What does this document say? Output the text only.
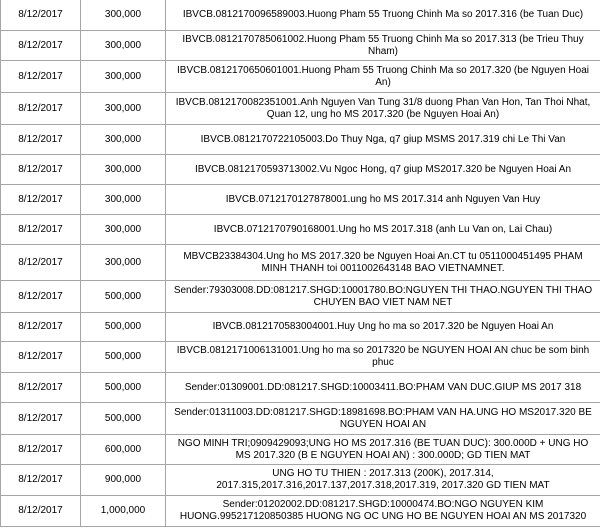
8/12/2017	300,000	IBVCB.0812170096589003.Huong Pham 55 Truong Chinh Ma so 2017.316 (be Tuan Duc)
8/12/2017	300,000	IBVCB.0812170785061002.Huong Pham 55 Truong Chinh Ma so 2017.313 (be Trieu Thuy Nham)
8/12/2017	300,000	IBVCB.0812170650601001.Huong Pham 55 Truong Chinh Ma so 2017.320 (be Nguyen Hoai An)
8/12/2017	300,000	IBVCB.0812170082351001.Anh Nguyen Van Tung 31/8 duong Phan Van Hon, Tan Thoi Nhat, Quan 12, ung ho MS 2017.320 (be Nguyen Hoai An)
8/12/2017	300,000	IBVCB.0812170722105003.Do Thuy Nga, q7 giup MSMS 2017.319 chi Le Thi Van
8/12/2017	300,000	IBVCB.0812170593713002.Vu Ngoc Hong, q7 giup MS2017.320 be Nguyen Hoai An
8/12/2017	300,000	IBVCB.0712170127878001.ung ho MS 2017.314 anh Nguyen Van Huy
8/12/2017	300,000	IBVCB.0712170790168001.Ung ho MS 2017.318 (anh Lu Van on, Lai Chau)
8/12/2017	300,000	MBVCB23384304.Ung ho MS 2017.320 be Nguyen Hoai An.CT tu 0511000451495 PHAM MINH THANH toi 0011002643148 BAO VIETNAMNET.
8/12/2017	500,000	Sender:79303008.DD:081217.SHGD:10001780.BO:NGUYEN THI THAO.NGUYEN THI THAO CHUYEN BAO VIET NAM NET
8/12/2017	500,000	IBVCB.0812170583004001.Huy Ung ho ma so 2017.320 be Nguyen Hoai An
8/12/2017	500,000	IBVCB.0812171006131001.Ung ho ma so 2017320 be NGUYEN HOAI AN chuc be som binh phuc
8/12/2017	500,000	Sender:01309001.DD:081217.SHGD:10003411.BO:PHAM VAN DUC.GIUP MS 2017 318
8/12/2017	500,000	Sender:01311003.DD:081217.SHGD:18981698.BO:PHAM VAN HA.UNG HO MS2017.320 BE NGUYEN HOAI AN
8/12/2017	600,000	NGO MINH TRI;0909429093;UNG HO MS 2017.316 (BE TUAN DUC): 300.000D + UNG HO MS 2017.320 (B E NGUYEN HOAI AN) : 300.000D; GD TIEN MAT
8/12/2017	900,000	UNG HO TU THIEN : 2017.313 (200K), 2017.314, 2017.315,2017.316,2017.137,2017.318,2017.319, 2017.320 GD TIEN MAT
8/12/2017	1,000,000	Sender:01202002.DD:081217.SHGD:10000474.BO:NGO NGUYEN KIM HUONG.995217120850385 HUONG NG OC UNG HO BE NGUYEN HOAI AN MS 2017320
